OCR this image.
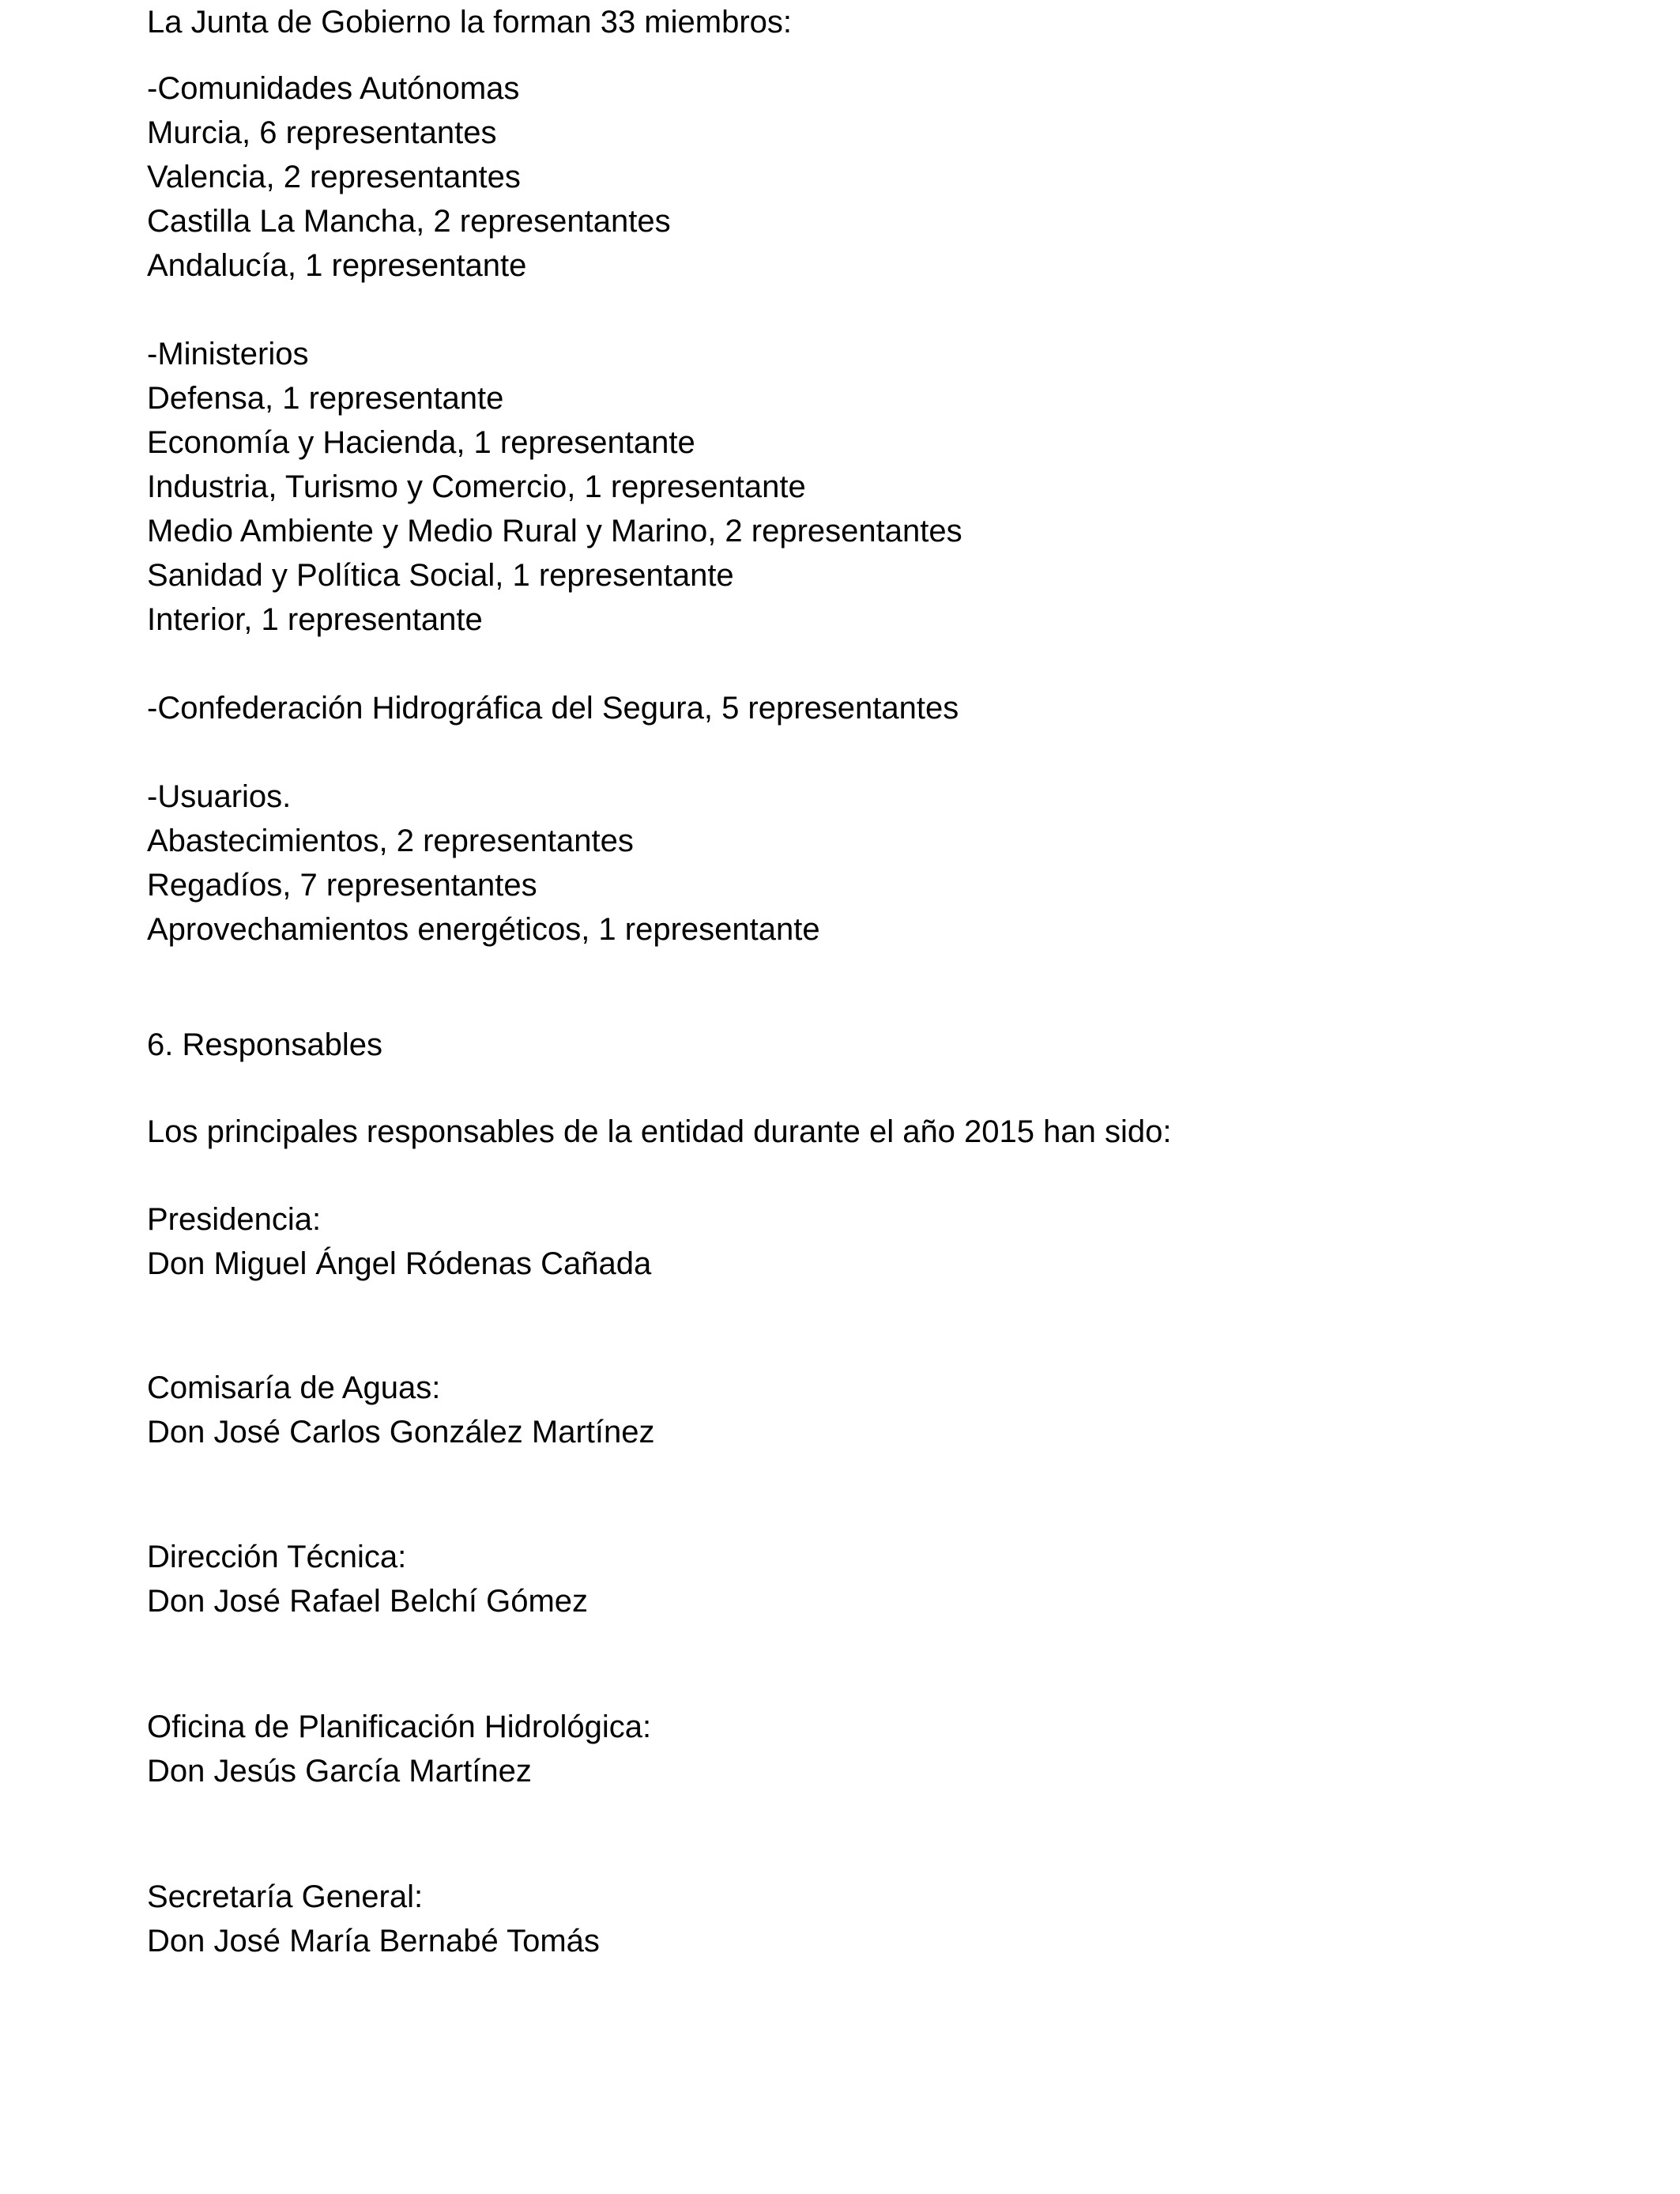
La Junta de Gobierno la forman 33 miembros:
-Comunidades Autónomas
Murcia, 6 representantes
Valencia, 2 representantes
Castilla La Mancha, 2 representantes
Andalucía, 1 representante
-Ministerios
Defensa, 1 representante
Economía y Hacienda, 1 representante
Industria, Turismo y Comercio, 1 representante
Medio Ambiente y Medio Rural y Marino, 2 representantes
Sanidad y Política Social, 1 representante
Interior, 1 representante
-Confederación Hidrográfica del Segura, 5 representantes
-Usuarios.
Abastecimientos, 2 representantes
Regadíos, 7 representantes
Aprovechamientos energéticos, 1 representante
6. Responsables
Los principales responsables de la entidad durante el año 2015 han sido:
Presidencia:
Don Miguel Ángel Ródenas Cañada
Comisaría de Aguas:
Don José Carlos González Martínez
Dirección Técnica:
Don José Rafael Belchí Gómez
Oficina de Planificación Hidrológica:
Don Jesús García Martínez
Secretaría General:
Don José María Bernabé Tomás
